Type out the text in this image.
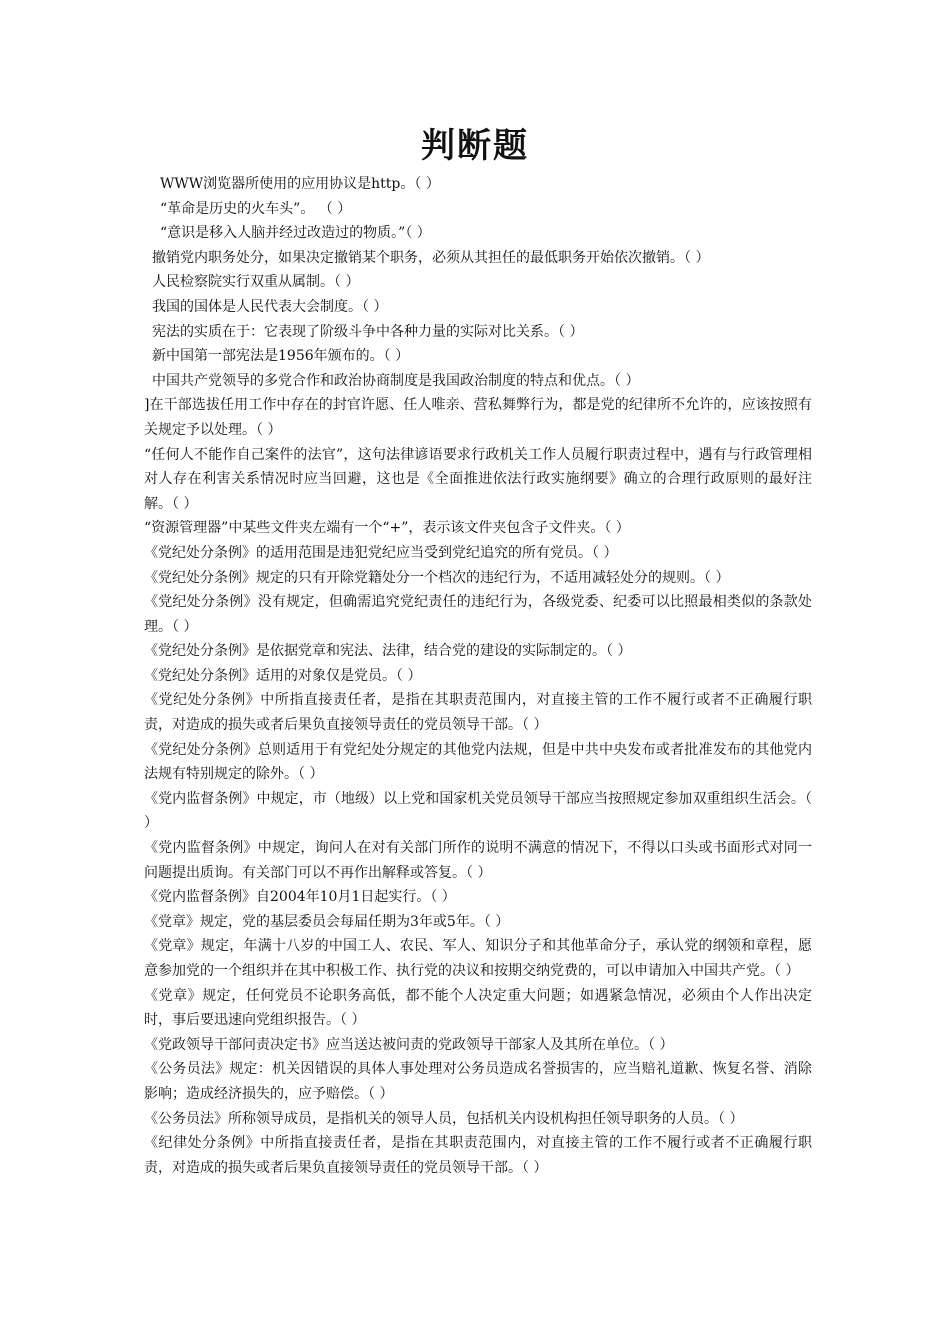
判断题
WWW浏览器所使用的应用协议是http。（ ）
“革命是历史的火车头”。 （ ）
“意识是移入人脑并经过改造过的物质。”（ ）
撤销党内职务处分，如果决定撤销某个职务，必须从其担任的最低职务开始依次撤销。（ ）
人民检察院实行双重从属制。（ ）
我国的国体是人民代表大会制度。（ ）
宪法的实质在于：它表现了阶级斗争中各种力量的实际对比关系。（ ）
新中国第一部宪法是1956年颁布的。（ ）
中国共产党领导的多党合作和政治协商制度是我国政治制度的特点和优点。（ ）
]在干部选拔任用工作中存在的封官许愿、任人唯亲、营私舞弊行为，都是党的纪律所不允许的，应该按照有关规定予以处理。（ ）
“任何人不能作自己案件的法官”，这句法律谚语要求行政机关工作人员履行职责过程中，遇有与行政管理相对人存在利害关系情况时应当回避，这也是《全面推进依法行政实施纲要》确立的合理行政原则的最好注解。（ ）
“资源管理器”中某些文件夹左端有一个“+”，表示该文件夹包含子文件夹。（ ）
《党纪处分条例》的适用范围是违犯党纪应当受到党纪追究的所有党员。（ ）
《党纪处分条例》规定的只有开除党籍处分一个档次的违纪行为，不适用减轻处分的规则。（ ）
《党纪处分条例》没有规定，但确需追究党纪责任的违纪行为，各级党委、纪委可以比照最相类似的条款处理。（ ）
《党纪处分条例》是依据党章和宪法、法律，结合党的建设的实际制定的。（ ）
《党纪处分条例》适用的对象仅是党员。（ ）
《党纪处分条例》中所指直接责任者，是指在其职责范围内，对直接主管的工作不履行或者不正确履行职责，对造成的损失或者后果负直接领导责任的党员领导干部。（ ）
《党纪处分条例》总则适用于有党纪处分规定的其他党内法规，但是中共中央发布或者批准发布的其他党内法规有特别规定的除外。（ ）
《党内监督条例》中规定，市（地级）以上党和国家机关党员领导干部应当按照规定参加双重组织生活会。（ ）
《党内监督条例》中规定，询问人在对有关部门所作的说明不满意的情况下，不得以口头或书面形式对同一问题提出质询。有关部门可以不再作出解释或答复。（ ）
《党内监督条例》自2004年10月1日起实行。（ ）
《党章》规定，党的基层委员会每届任期为3年或5年。（ ）
《党章》规定，年满十八岁的中国工人、农民、军人、知识分子和其他革命分子，承认党的纲领和章程，愿意参加党的一个组织并在其中积极工作、执行党的决议和按期交纳党费的，可以申请加入中国共产党。（ ）
《党章》规定，任何党员不论职务高低，都不能个人决定重大问题；如遇紧急情况，必须由个人作出决定时，事后要迅速向党组织报告。（ ）
《党政领导干部问责决定书》应当送达被问责的党政领导干部家人及其所在单位。（ ）
《公务员法》规定：机关因错误的具体人事处理对公务员造成名誉损害的，应当赔礼道歉、恢复名誉、消除影响；造成经济损失的，应予赔偿。（ ）
《公务员法》所称领导成员，是指机关的领导人员，包括机关内设机构担任领导职务的人员。（ ）
《纪律处分条例》中所指直接责任者，是指在其职责范围内，对直接主管的工作不履行或者不正确履行职责，对造成的损失或者后果负直接领导责任的党员领导干部。（ ）
